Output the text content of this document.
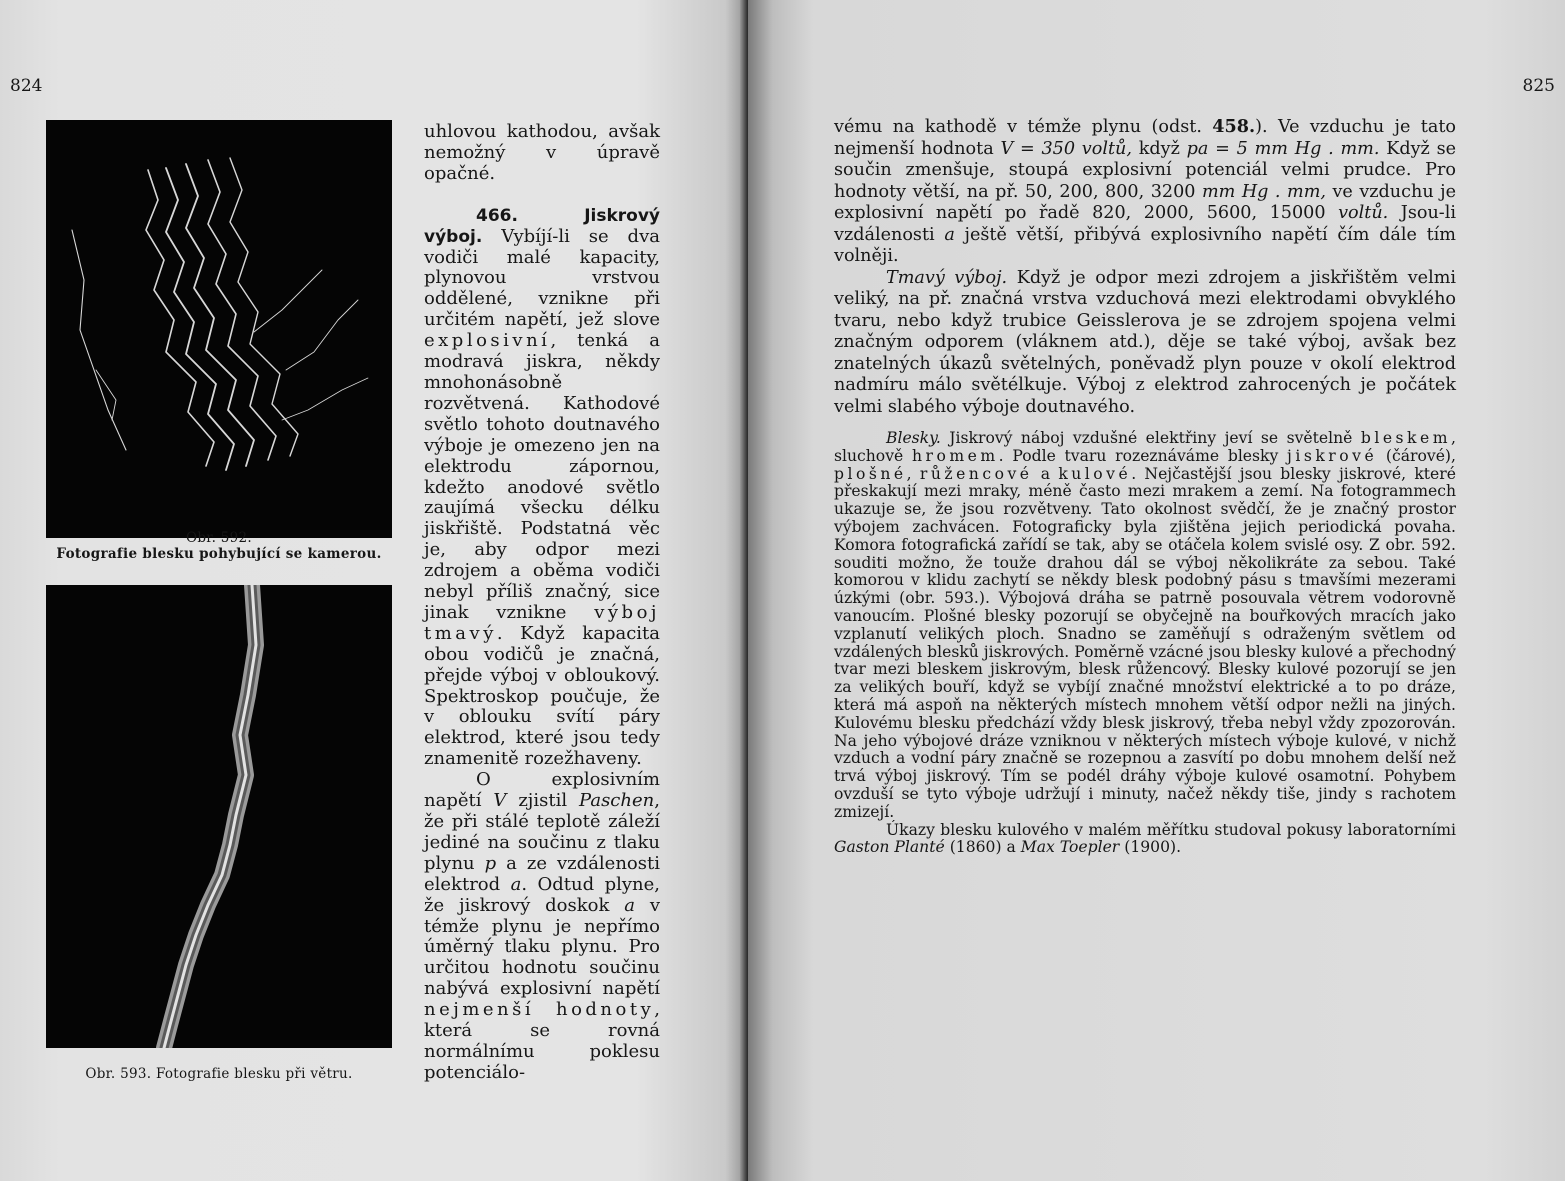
824
Obr. 592.
Fotografie blesku pohybující se kamerou.
Obr. 593. Fotografie blesku při větru.

uhlovou kathodou, avšak nemožný v úpravě opačné.

466. Jiskrový výboj. Vybíjí-li se dva vodiči malé kapacity, plynovou vrstvou oddělené, vznikne při určitém napětí, jež slove explosivní, tenká a modravá jiskra, někdy mnohonásobně rozvětvená. Kathodové světlo tohoto doutnavého výboje je omezeno jen na elektrodu zápornou, kdežto anodové světlo zaujímá všecku délku jiskřiště. Podstatná věc je, aby odpor mezi zdrojem a oběma vodiči nebyl příliš značný, sice jinak vznikne výboj tmavý. Když kapacita obou vodičů je značná, přejde výboj v obloukový. Spektroskop poučuje, že v oblouku svítí páry elektrod, které jsou tedy znamenitě rozežhaveny.

O explosivním napětí V zjistil Paschen, že při stálé teplotě záleží jediné na součinu z tlaku plynu p a ze vzdálenosti elektrod a. Odtud plyne, že jiskrový doskok a v témže plynu je nepřímo úměrný tlaku plynu. Pro určitou hodnotu součinu nabývá explosivní napětí nejmenší hodnoty, která se rovná normálnímu poklesu potenciálo-

825

vému na kathodě v témže plynu (odst. 458.). Ve vzduchu je tato nejmenší hodnota V = 350 voltů, když pa = 5 mm Hg . mm. Když se součin zmenšuje, stoupá explosivní potenciál velmi prudce. Pro hodnoty větší, na př. 50, 200, 800, 3200 mm Hg . mm, ve vzduchu je explosivní napětí po řadě 820, 2000, 5600, 15000 voltů. Jsou-li vzdálenosti a ještě větší, přibývá explosivního napětí čím dále tím volněji.

Tmavý výboj. Když je odpor mezi zdrojem a jiskřištěm velmi veliký, na př. značná vrstva vzduchová mezi elektrodami obvyklého tvaru, nebo když trubice Geisslerova je se zdrojem spojena velmi značným odporem (vláknem atd.), děje se také výboj, avšak bez znatelných úkazů světelných, poněvadž plyn pouze v okolí elektrod nadmíru málo světélkuje. Výboj z elektrod zahrocených je počátek velmi slabého výboje doutnavého.

Blesky. Jiskrový náboj vzdušné elektřiny jeví se světelně bleskem, sluchově hromem. Podle tvaru rozeznáváme blesky jiskrové (čárové), plošné, růžencové a kulové. Nejčastější jsou blesky jiskrové, které přeskakují mezi mraky, méně často mezi mrakem a zemí. Na fotogrammech ukazuje se, že jsou rozvětveny. Tato okolnost svědčí, že je značný prostor výbojem zachvácen. Fotograficky byla zjištěna jejich periodická povaha. Komora fotografická zařídí se tak, aby se otáčela kolem svislé osy. Z obr. 592. souditi možno, že touže drahou dál se výboj několikráte za sebou. Také komorou v klidu zachytí se někdy blesk podobný pásu s tmavšími mezerami úzkými (obr. 593.). Výbojová dráha se patrně posouvala větrem vodorovně vanoucím. Plošné blesky pozorují se obyčejně na bouřkových mracích jako vzplanutí velikých ploch. Snadno se zaměňují s odraženým světlem od vzdálených blesků jiskrových. Poměrně vzácné jsou blesky kulové a přechodný tvar mezi bleskem jiskrovým, blesk růžencový. Blesky kulové pozorují se jen za velikých bouří, když se vybíjí značné množství elektrické a to po dráze, která má aspoň na některých místech mnohem větší odpor nežli na jiných. Kulovému blesku předchází vždy blesk jiskrový, třeba nebyl vždy zpozorován. Na jeho výbojové dráze vzniknou v některých místech výboje kulové, v nichž vzduch a vodní páry značně se rozepnou a zasvítí po dobu mnohem delší než trvá výboj jiskrový. Tím se podél dráhy výboje kulové osamotní. Pohybem ovzduší se tyto výboje udržují i minuty, načež někdy tiše, jindy s rachotem zmizejí.

Úkazy blesku kulového v malém měřítku studoval pokusy laboratorními Gaston Planté (1860) a Max Toepler (1900).
